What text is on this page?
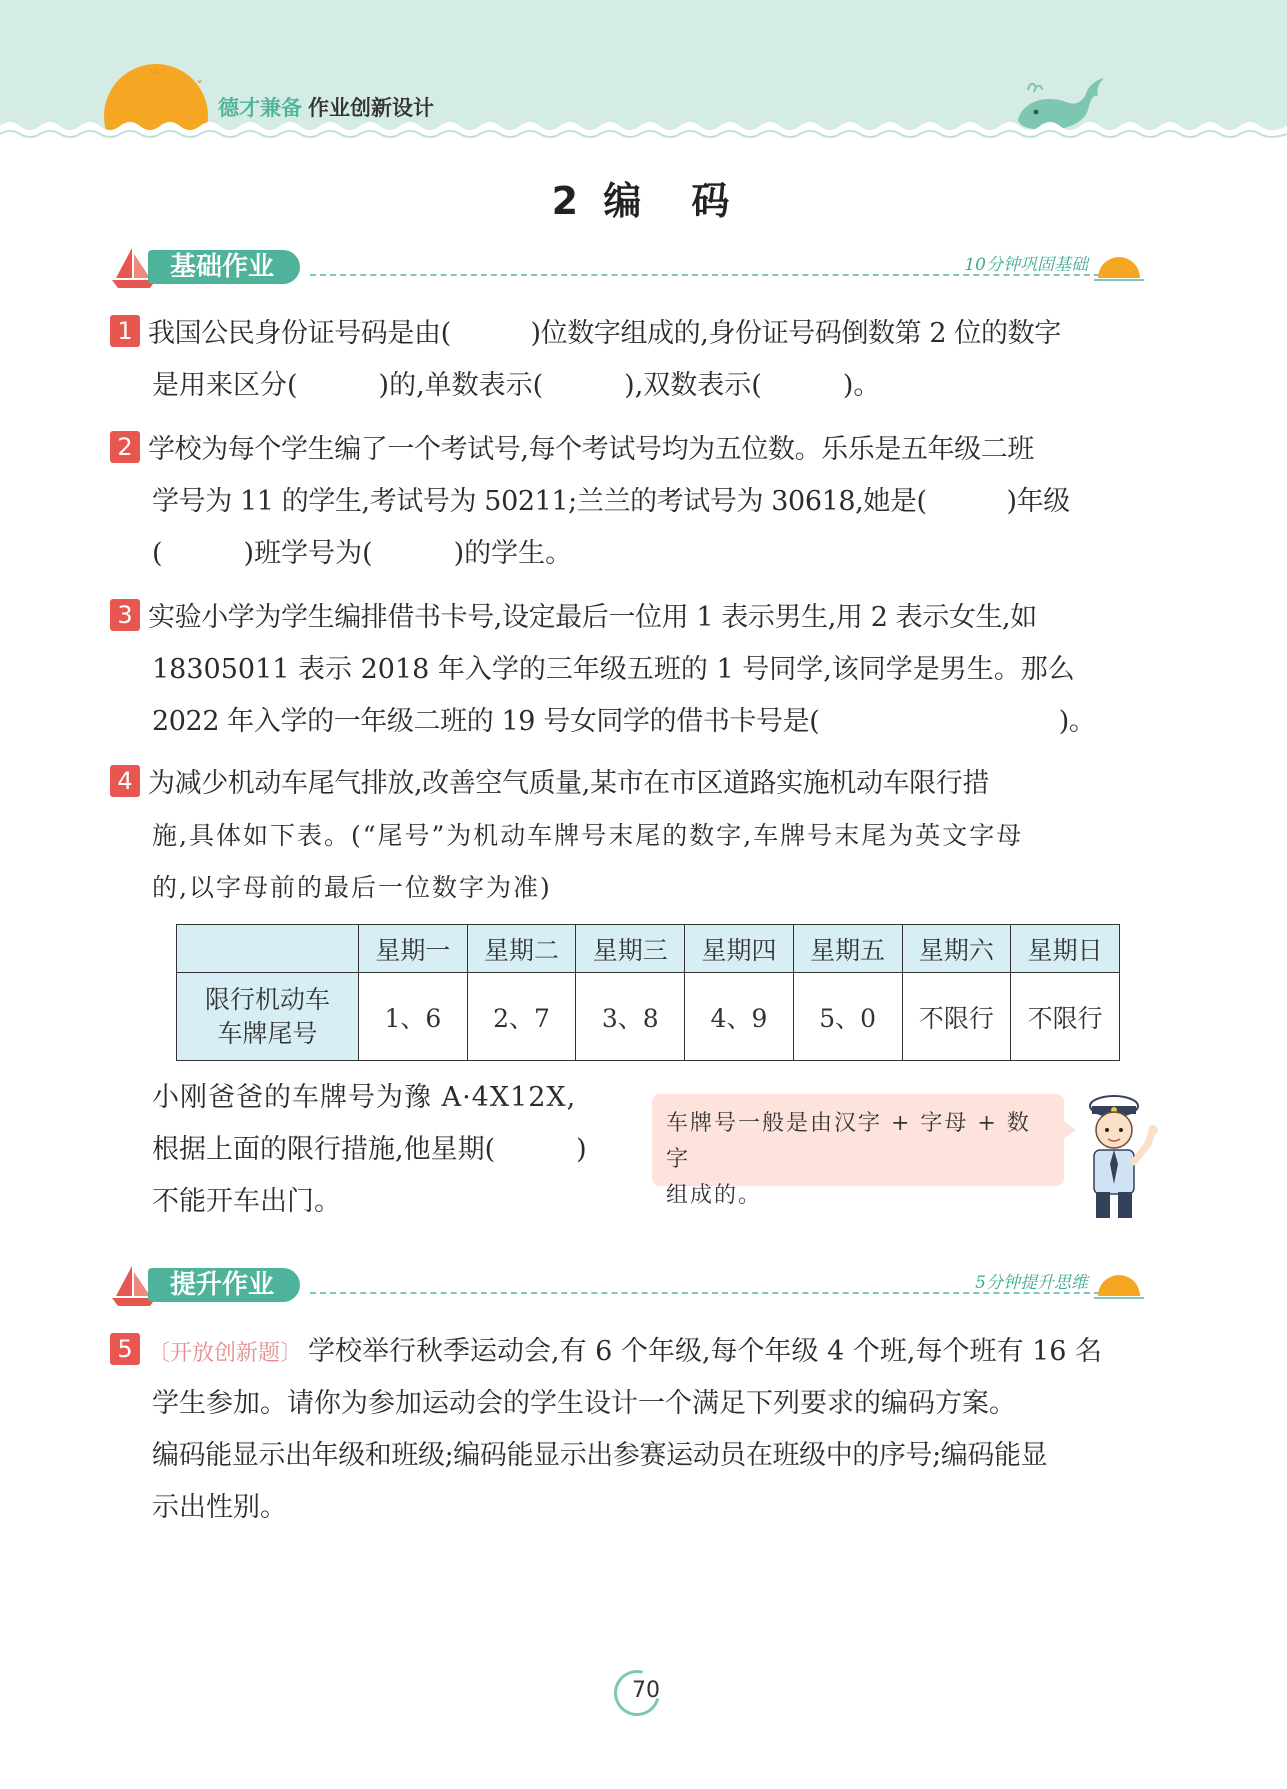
〰
ˇ
德才兼备 作业创新设计
2 编　码
基础作业	10分钟巩固基础
1 我国公民身份证号码是由(　　　)位数字组成的,身份证号码倒数第 2 位的数字
是用来区分(　　　)的,单数表示(　　　),双数表示(　　　)。
2 学校为每个学生编了一个考试号,每个考试号均为五位数。乐乐是五年级二班
学号为 11 的学生,考试号为 50211;兰兰的考试号为 30618,她是(　　　)年级
(　　　)班学号为(　　　)的学生。
3 实验小学为学生编排借书卡号,设定最后一位用 1 表示男生,用 2 表示女生,如
18305011 表示 2018 年入学的三年级五班的 1 号同学,该同学是男生。那么
2022 年入学的一年级二班的 19 号女同学的借书卡号是(　　　　　　　　　)。
4 为减少机动车尾气排放,改善空气质量,某市在市区道路实施机动车限行措
施,具体如下表。(“尾号”为机动车牌号末尾的数字,车牌号末尾为英文字母
的,以字母前的最后一位数字为准)
	星期一	星期二	星期三	星期四	星期五	星期六	星期日

限行机动车
车牌尾号	1、6	2、7	3、8	4、9	5、0	不限行	不限行
小刚爸爸的车牌号为豫 A·4X12X,
根据上面的限行措施,他星期(　　　)
不能开车出门。
车牌号一般是由汉字 + 字母 + 数字
组成的。
提升作业	5分钟提升思维
5 〔开放创新题〕 学校举行秋季运动会,有 6 个年级,每个年级 4 个班,每个班有 16 名
学生参加。请你为参加运动会的学生设计一个满足下列要求的编码方案。
编码能显示出年级和班级;编码能显示出参赛运动员在班级中的序号;编码能显
示出性别。
70
